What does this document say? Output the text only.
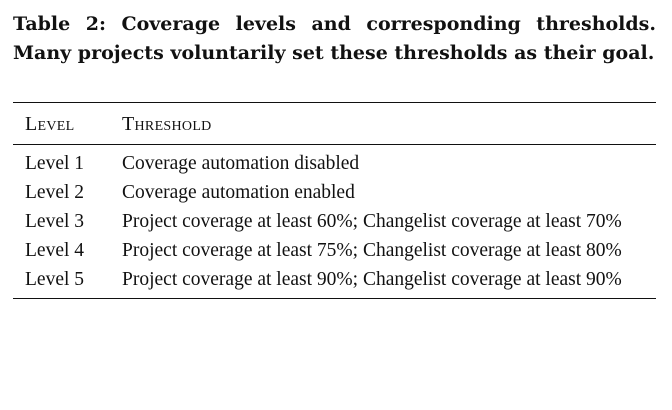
Table 2: Coverage levels and corresponding thresholds. Many projects voluntarily set these thresholds as their goal.

Level	Threshold
Level 1	Coverage automation disabled
Level 2	Coverage automation enabled
Level 3	Project coverage at least 60%; Changelist coverage at least 70%
Level 4	Project coverage at least 75%; Changelist coverage at least 80%
Level 5	Project coverage at least 90%; Changelist coverage at least 90%
